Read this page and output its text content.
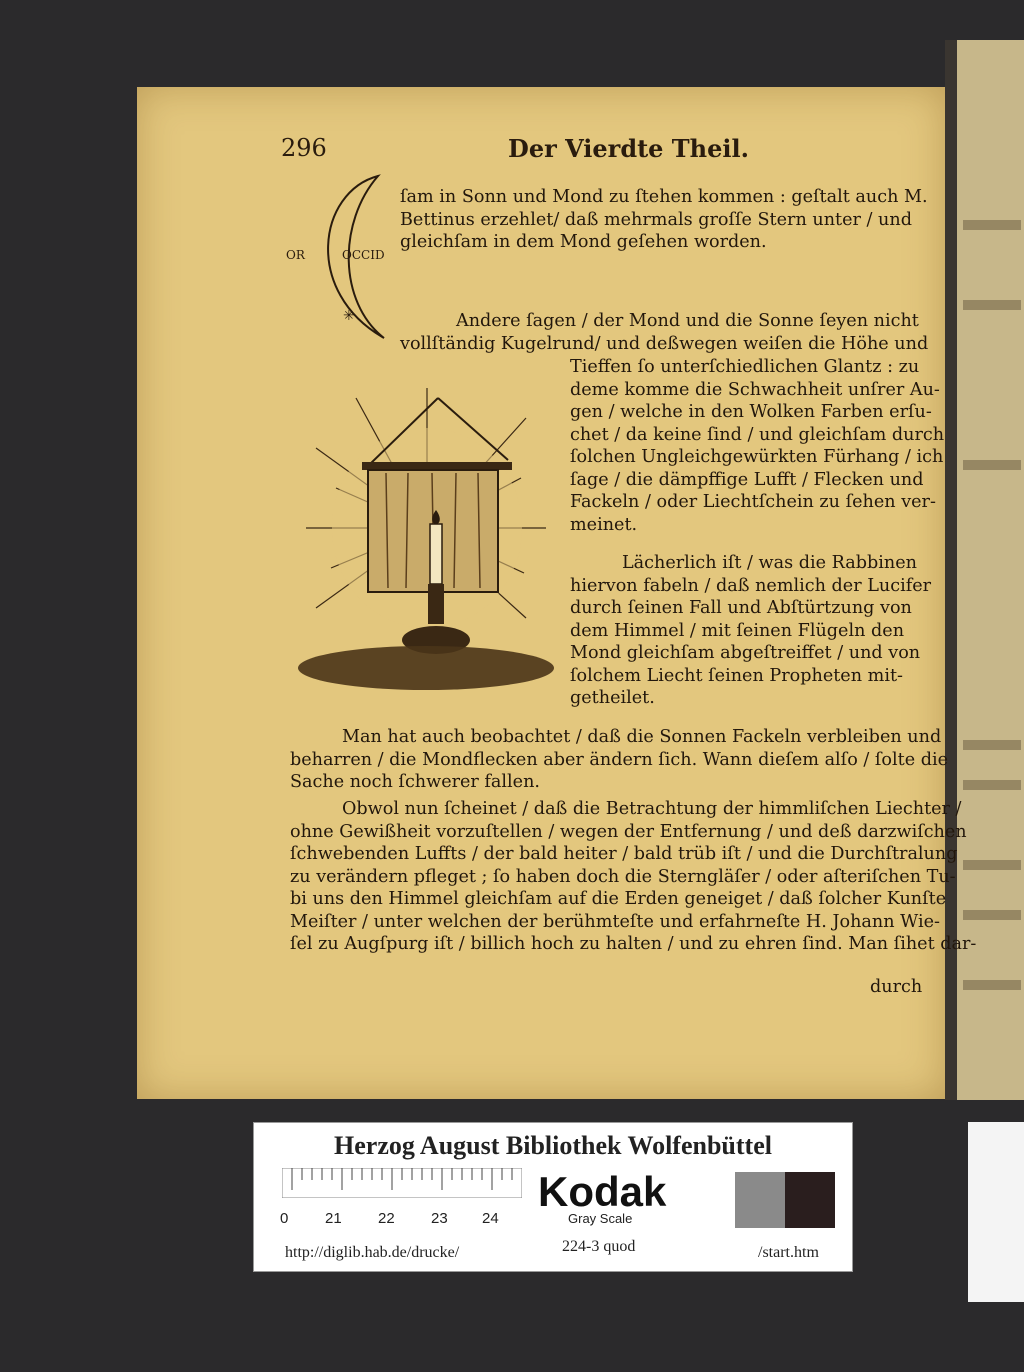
296	Der Vierdte Theil.
✳
OR	OCCID
ſam in Sonn und Mond zu ſtehen kommen : geſtalt auch M.
Bettinus erzehlet/ daß mehrmals groſſe Stern unter / und
gleichſam in dem Mond geſehen worden.
Andere ſagen / der Mond und die Sonne ſeyen nicht
vollſtändig Kugelrund/ und deßwegen weiſen die Höhe und
Tieffen ſo unterſchiedlichen Glantz : zu
deme komme die Schwachheit unſrer Au-
gen / welche in den Wolken Farben erſu-
chet / da keine ſind / und gleichſam durch
ſolchen Ungleichgewürkten Fürhang / ich
ſage / die dämpffige Lufft / Flecken und
Fackeln / oder Liechtſchein zu ſehen ver-
meinet.
Lächerlich iſt / was die Rabbinen
hiervon fabeln / daß nemlich der Lucifer
durch ſeinen Fall und Abſtürtzung von
dem Himmel / mit ſeinen Flügeln den
Mond gleichſam abgeſtreiffet / und von
ſolchem Liecht ſeinen Propheten mit-
getheilet.
Man hat auch beobachtet / daß die Sonnen Fackeln verbleiben und
beharren / die Mondflecken aber ändern ſich. Wann dieſem alſo / ſolte die
Sache noch ſchwerer fallen.
Obwol nun ſcheinet / daß die Betrachtung der himmliſchen Liechter /
ohne Gewißheit vorzuſtellen / wegen der Entfernung / und deß darzwiſchen
ſchwebenden Luffts / der bald heiter / bald trüb iſt / und die Durchſtralung
zu verändern pfleget ; ſo haben doch die Sterngläſer / oder aſteriſchen Tu-
bi uns den Himmel gleichſam auf die Erden geneiget / daß ſolcher Kunſte
Meiſter / unter welchen der berühmteſte und erfahrneſte H. Johann Wie-
ſel zu Augſpurg iſt / billich hoch zu halten / und zu ehren ſind. Man ſihet dar-
durch
Herzog August Bibliothek Wolfenbüttel
0 21 22 23 24
Kodak
Gray Scale
http://diglib.hab.de/drucke/	224-3 quod	/start.htm
